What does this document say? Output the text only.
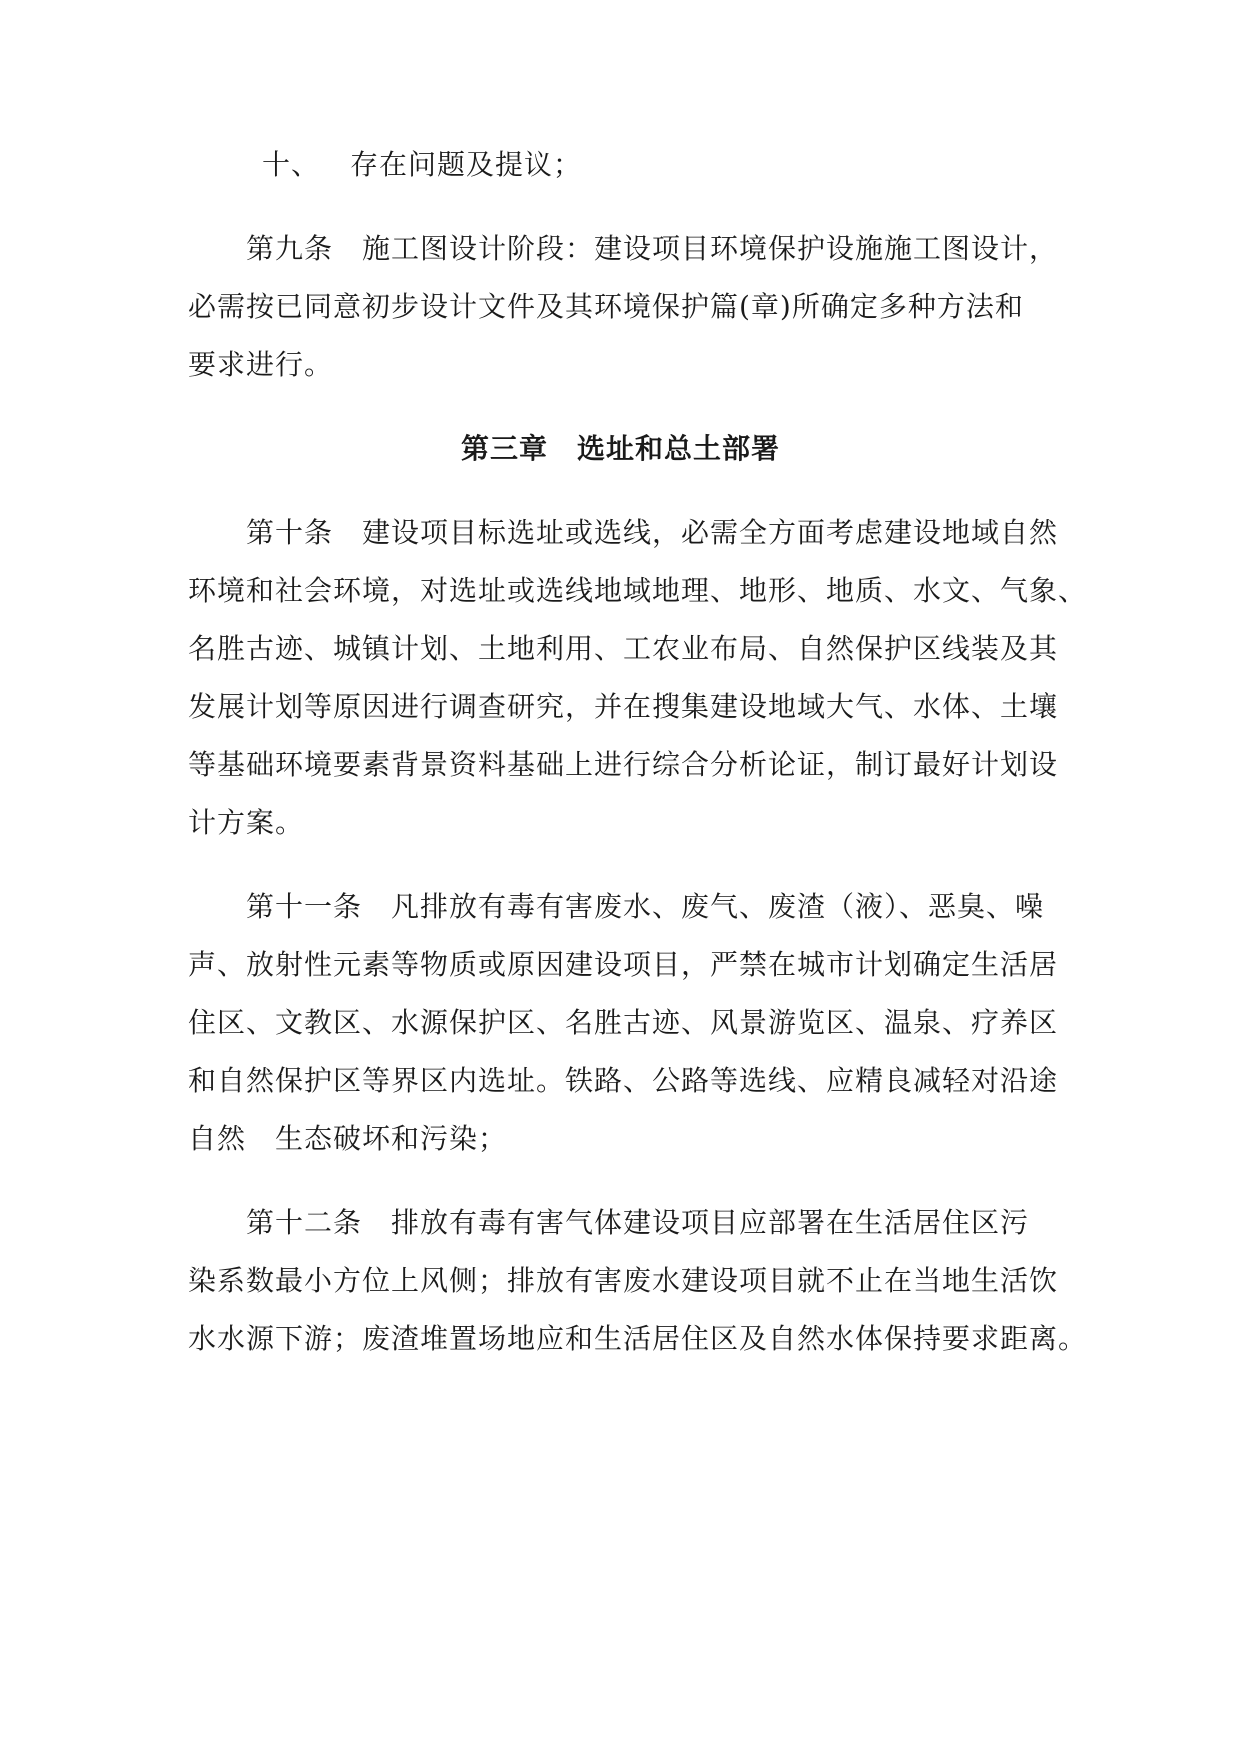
十、 存在问题及提议；
第九条　施工图设计阶段：建设项目环境保护设施施工图设计，
必需按已同意初步设计文件及其环境保护篇(章)所确定多种方法和
要求进行。
第三章　选址和总土部署
第十条　建设项目标选址或选线，必需全方面考虑建设地域自然
环境和社会环境，对选址或选线地域地理、地形、地质、水文、气象、
名胜古迹、城镇计划、土地利用、工农业布局、自然保护区线装及其
发展计划等原因进行调查研究，并在搜集建设地域大气、水体、土壤
等基础环境要素背景资料基础上进行综合分析论证，制订最好计划设
计方案。
第十一条　凡排放有毒有害废水、废气、废渣（液）、恶臭、噪
声、放射性元素等物质或原因建设项目，严禁在城市计划确定生活居
住区、文教区、水源保护区、名胜古迹、风景游览区、温泉、疗养区
和自然保护区等界区内选址。铁路、公路等选线、应精良减轻对沿途
自然　生态破坏和污染；
第十二条　排放有毒有害气体建设项目应部署在生活居住区污
染系数最小方位上风侧；排放有害废水建设项目就不止在当地生活饮
水水源下游；废渣堆置场地应和生活居住区及自然水体保持要求距离。
